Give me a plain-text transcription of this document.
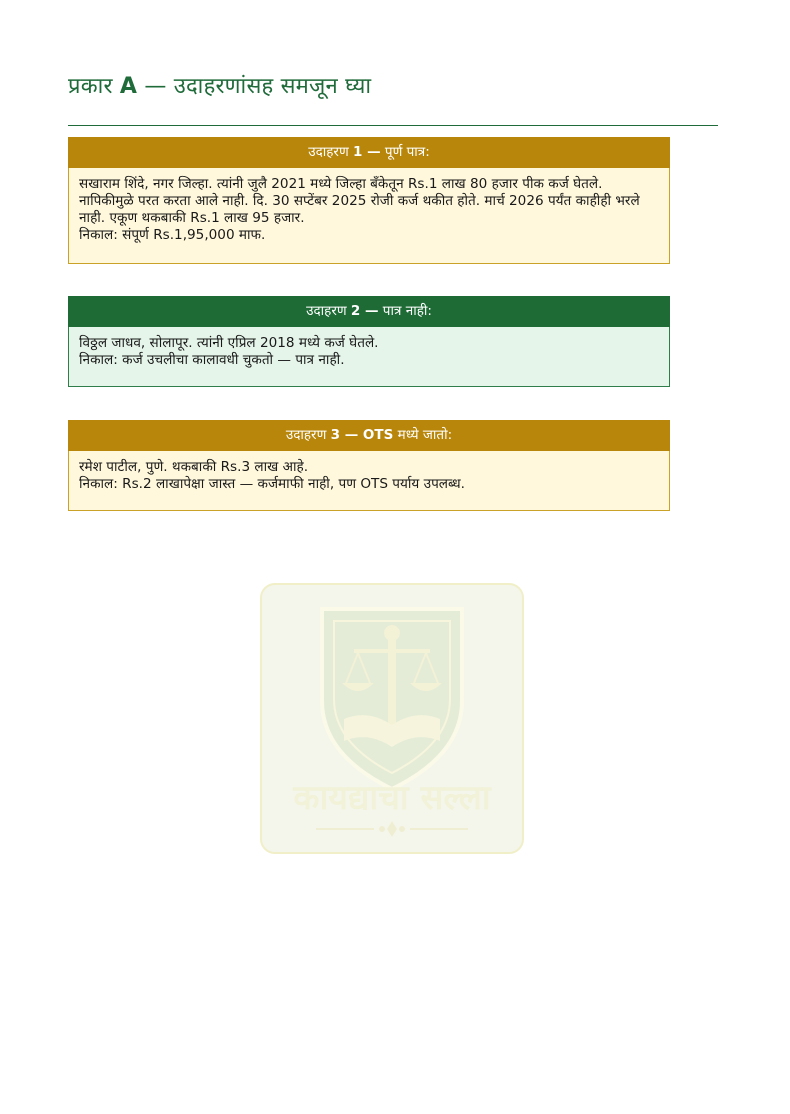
प्रकार A — उदाहरणांसह समजून घ्या
उदाहरण 1 — पूर्ण पात्र:

सखाराम शिंदे, नगर जिल्हा. त्यांनी जुलै 2021 मध्ये जिल्हा बँकेतून Rs.1 लाख 80 हजार पीक कर्ज घेतले. नापिकीमुळे परत करता आले नाही. दि. 30 सप्टेंबर 2025 रोजी कर्ज थकीत होते. मार्च 2026 पर्यंत काहीही भरले नाही. एकूण थकबाकी Rs.1 लाख 95 हजार.

निकाल: संपूर्ण Rs.1,95,000 माफ.

उदाहरण 2 — पात्र नाही:

विठ्ठल जाधव, सोलापूर. त्यांनी एप्रिल 2018 मध्ये कर्ज घेतले.

निकाल: कर्ज उचलीचा कालावधी चुकतो — पात्र नाही.

उदाहरण 3 — OTS मध्ये जातो:

रमेश पाटील, पुणे. थकबाकी Rs.3 लाख आहे.

निकाल: Rs.2 लाखापेक्षा जास्त — कर्जमाफी नाही, पण OTS पर्याय उपलब्ध.

कायद्याचा सल्ला
